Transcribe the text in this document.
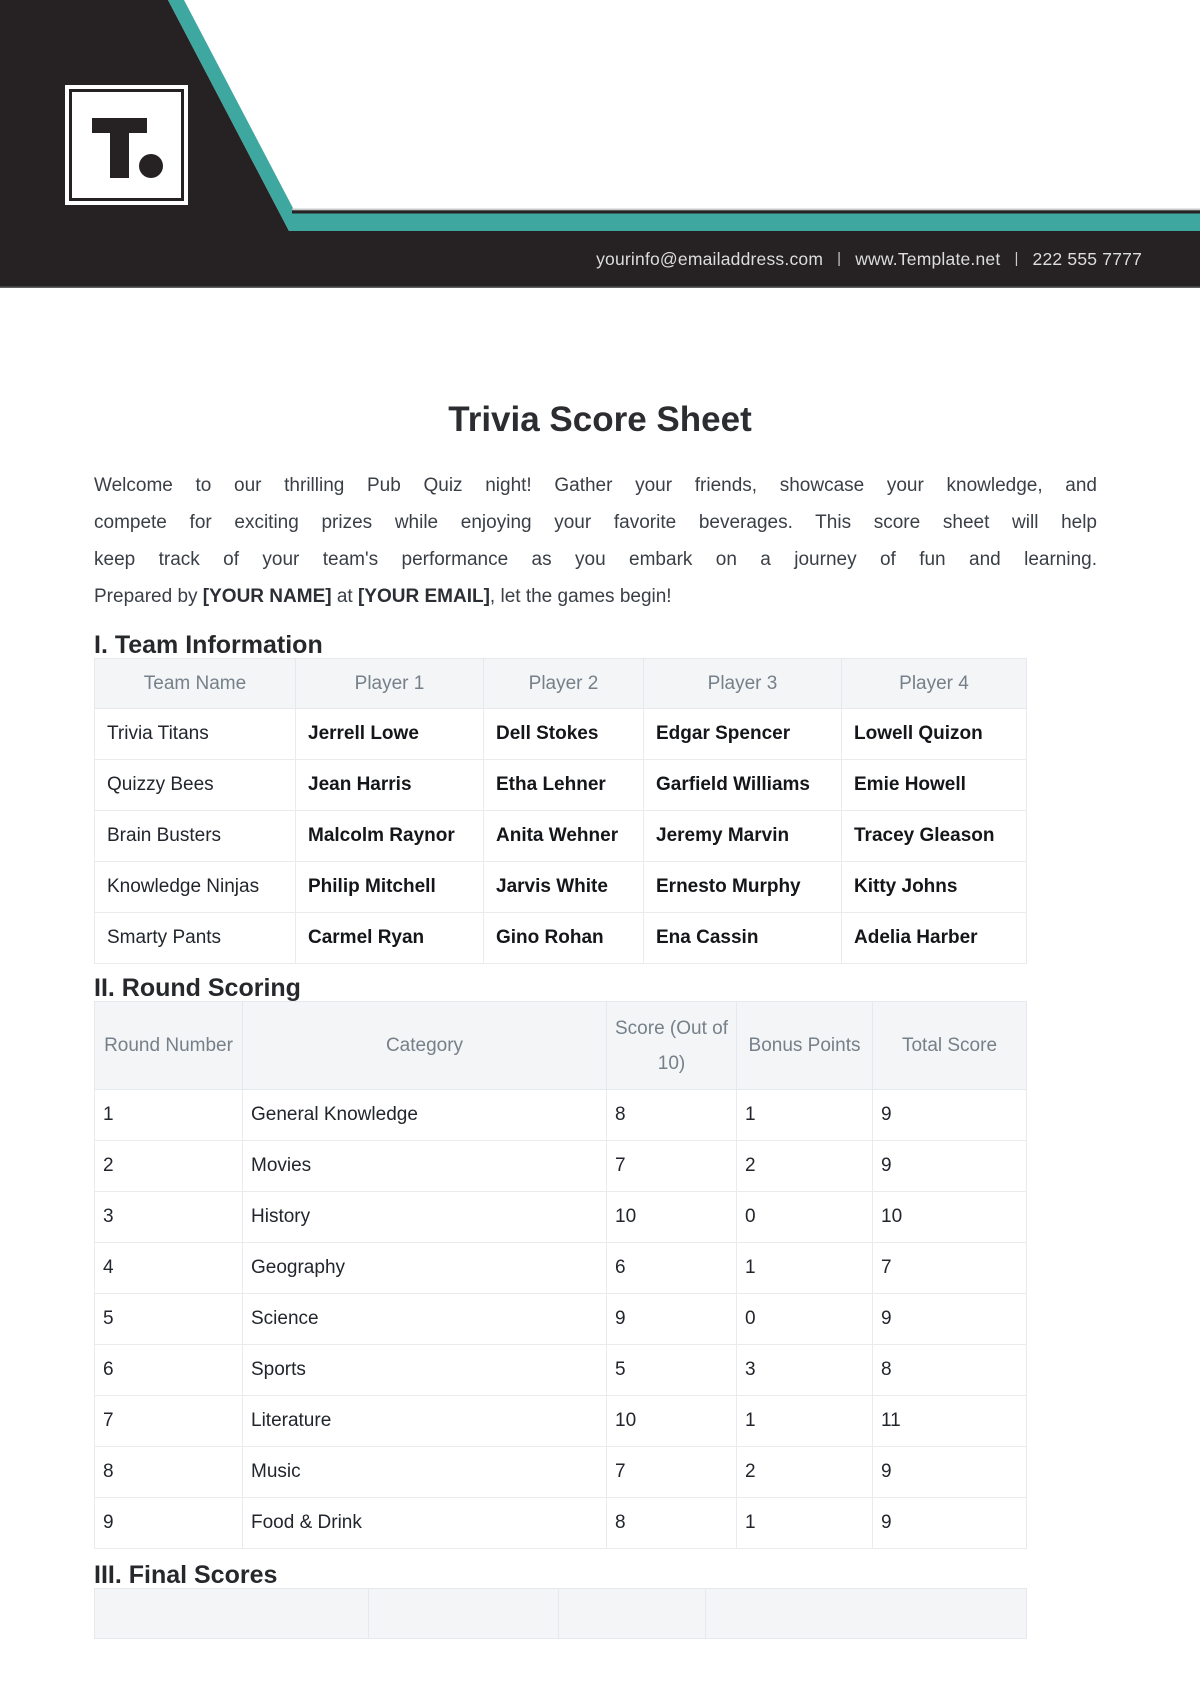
yourinfo@emailaddress.com | www.Template.net | 222 555 7777
Trivia Score Sheet
Welcome to our thrilling Pub Quiz night! Gather your friends, showcase your knowledge, and
compete for exciting prizes while enjoying your favorite beverages. This score sheet will help
keep track of your team's performance as you embark on a journey of fun and learning.
Prepared by [YOUR NAME] at [YOUR EMAIL], let the games begin!
I. Team Information
Team Name	Player 1	Player 2	Player 3	Player 4
Trivia Titans	Jerrell Lowe	Dell Stokes	Edgar Spencer	Lowell Quizon
Quizzy Bees	Jean Harris	Etha Lehner	Garfield Williams	Emie Howell
Brain Busters	Malcolm Raynor	Anita Wehner	Jeremy Marvin	Tracey Gleason
Knowledge Ninjas	Philip Mitchell	Jarvis White	Ernesto Murphy	Kitty Johns
Smarty Pants	Carmel Ryan	Gino Rohan	Ena Cassin	Adelia Harber
II. Round Scoring
Round Number	Category	Score (Out of 10)	Bonus Points	Total Score
1	General Knowledge	8	1	9
2	Movies	7	2	9
3	History	10	0	10
4	Geography	6	1	7
5	Science	9	0	9
6	Sports	5	3	8
7	Literature	10	1	11
8	Music	7	2	9
9	Food & Drink	8	1	9
III. Final Scores
